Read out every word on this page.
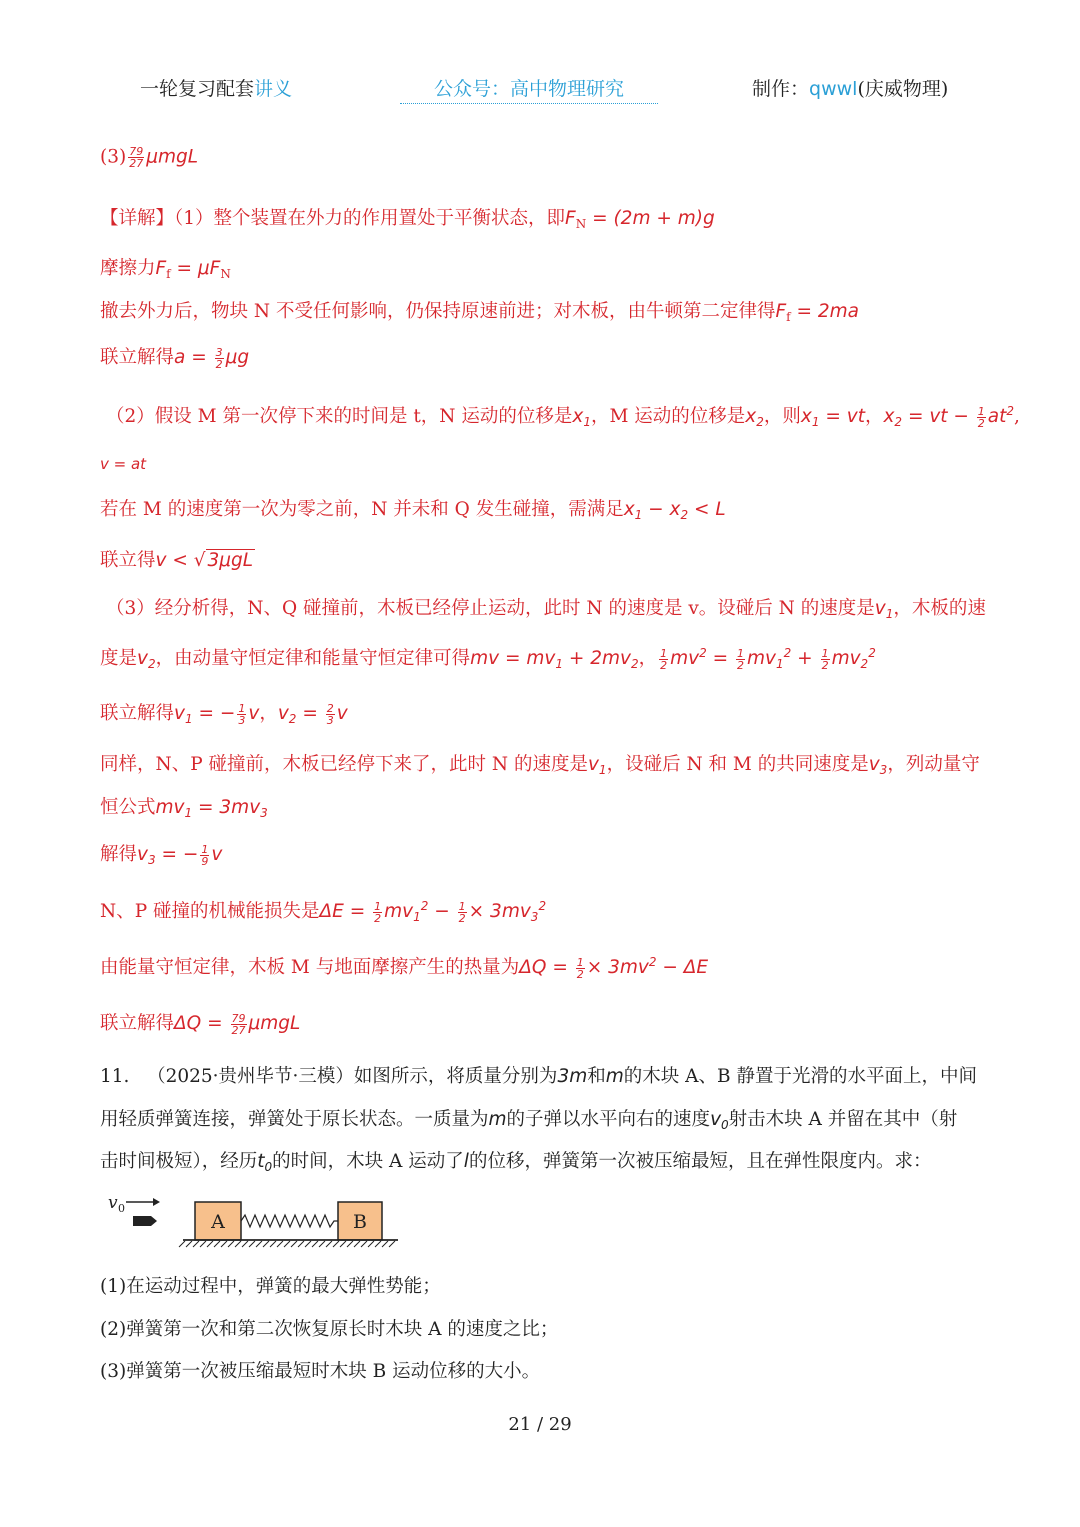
一轮复习配套讲义	公众号：高中物理研究	制作：qwwl(庆威物理)
$(3) \frac{79}{27}$ μmgL
【详解】（1）整个装置在外力的作用置处于平衡状态，即$F_N = (2m + m)g$
摩擦力$F_f = \mu F_N$
撤去外力后，物块 N 不受任何影响，仍保持原速前进；对木板，由牛顿第二定律得$F_f = 2ma$
联立解得$a = \frac{3}{2}$ μg
（2）假设 M 第一次停下来的时间是 t，N 运动的位移是$x_1$，M 运动的位移是$x_2$，则$x_1$ = vt，$x_2$ = vt − $\frac{1}{2} at^2$,
v = at
若在 M 的速度第一次为零之前，N 并未和 Q 发生碰撞，需满足$x_1 - x_2 < L$
联立得v < √ 3μgL
（3）经分析得，N、Q 碰撞前，木板已经停止运动，此时 N 的速度是 v。设碰后 N 的速度是$v_1$，木板的速
度是$v_2$，由动量守恒定律和能量守恒定律可得mv = $mv_1 + 2mv_2$， $\frac{1}{2} mv^2 = \frac{1}{2} mv_1^2 + \frac{1}{2} mv_2^2$
联立解得$v_1$ = − $\frac{1}{3}$ v，$v_2 = \frac{2}{3}$ v
同样，N、P 碰撞前，木板已经停下来了，此时 N 的速度是$v_1$，设碰后 N 和 M 的共同速度是$v_3$，列动量守
恒公式$mv_1 = 3mv_3$
解得$v_3$ = − $\frac{1}{9}$ v
N、P 碰撞的机械能损失是$\Delta E = \frac{1}{2} mv_1^2 - \frac{1}{2} \times 3mv_3^2$
由能量守恒定律，木板 M 与地面摩擦产生的热量为$\Delta Q = \frac{1}{2} \times 3mv^2 - \Delta E$
联立解得$\Delta Q = \frac{79}{27}$ μmgL
11. （2025·贵州毕节·三模）如图所示，将质量分别为3m和m的木块 A、B 静置于光滑的水平面上，中间
用轻质弹簧连接，弹簧处于原长状态。一质量为m的子弹以水平向右的速度$v_0$射击木块 A 并留在其中（射
击时间极短），经历$t_0$的时间，木块 A 运动了l的位移，弹簧第一次被压缩最短，且在弹性限度内。求：
v 0
A	B
(1)在运动过程中，弹簧的最大弹性势能；
(2)弹簧第一次和第二次恢复原长时木块 A 的速度之比；
(3)弹簧第一次被压缩最短时木块 B 运动位移的大小。
21 / 29
